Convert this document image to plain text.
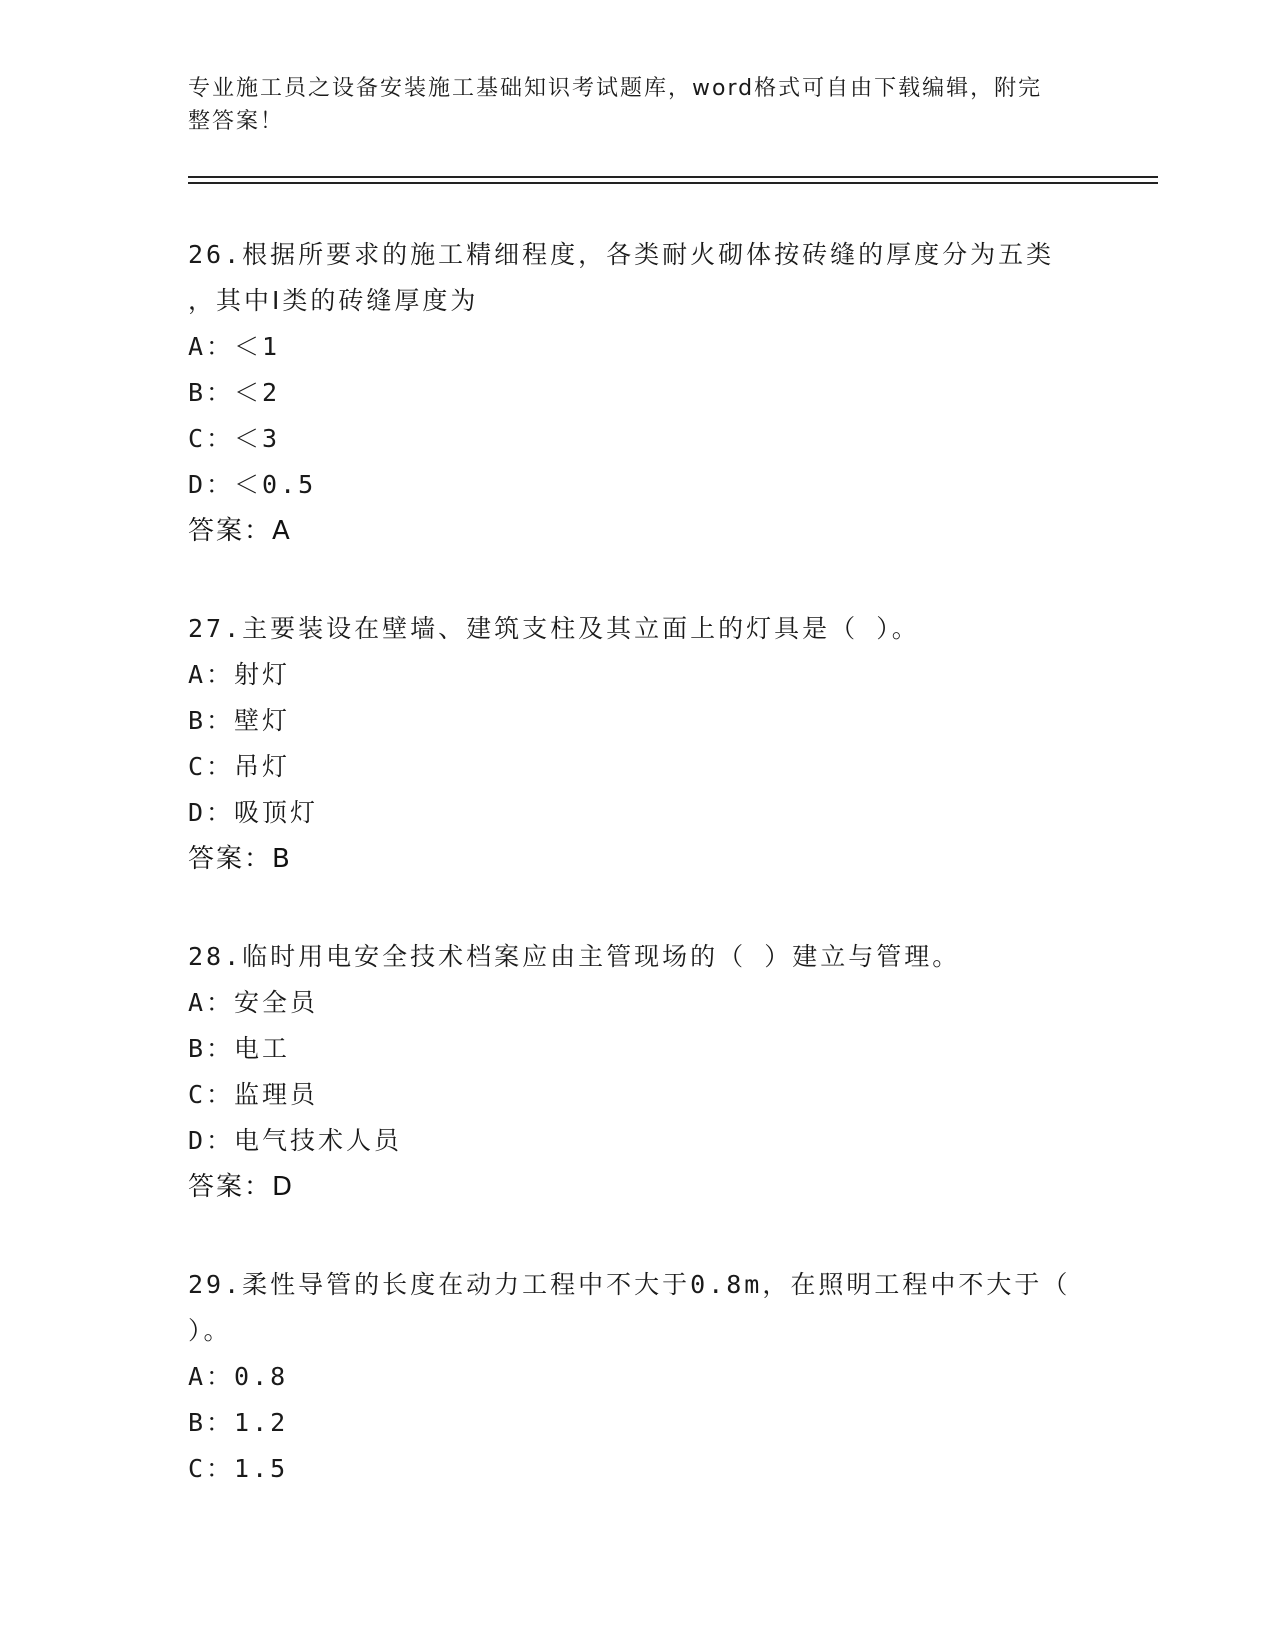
专业施工员之设备安装施工基础知识考试题库，word格式可自由下载编辑，附完
整答案！
26.根据所要求的施工精细程度，各类耐火砌体按砖缝的厚度分为五类
，其中Ⅰ类的砖缝厚度为
A：＜1
B：＜2
C：＜3
D：＜0.5
答案：A
27.主要装设在壁墙、建筑支柱及其立面上的灯具是（ ）。
A：射灯
B：壁灯
C：吊灯
D：吸顶灯
答案：B
28.临时用电安全技术档案应由主管现场的（ ）建立与管理。
A：安全员
B：电工
C：监理员
D：电气技术人员
答案：D
29.柔性导管的长度在动力工程中不大于0.8m，在照明工程中不大于（
）。
A：0.8
B：1.2
C：1.5
